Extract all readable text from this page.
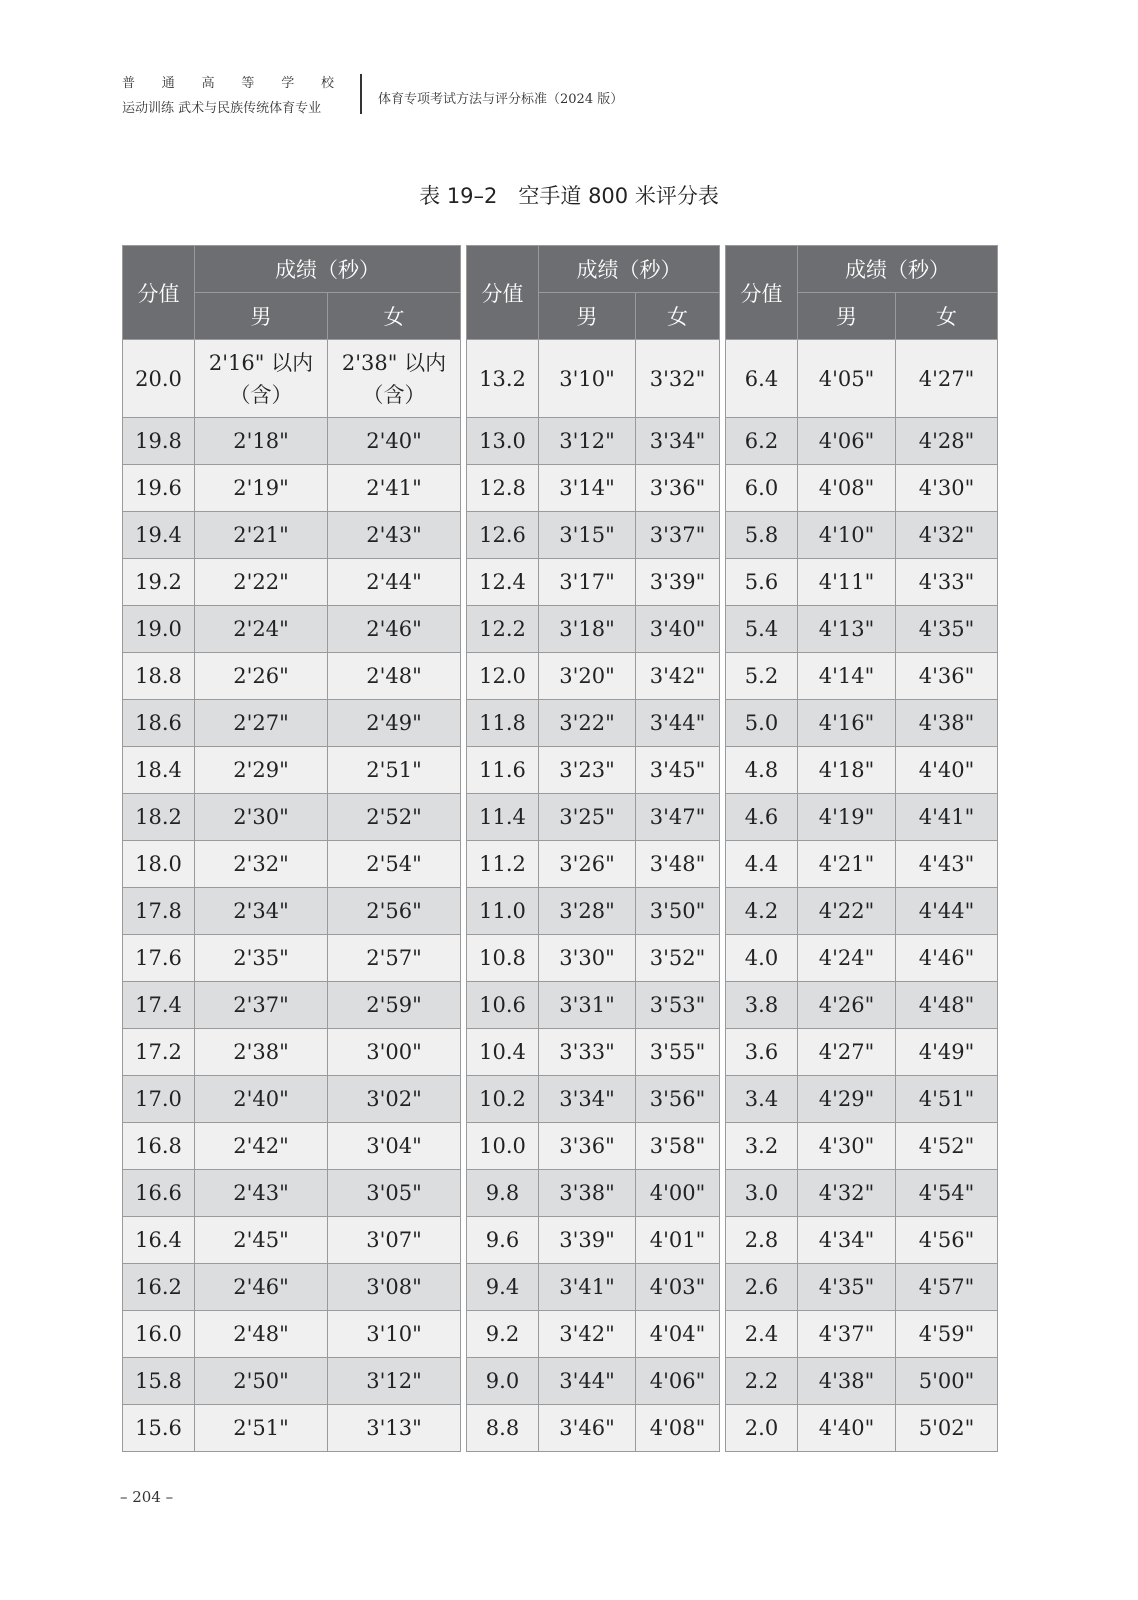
普 通 高 等 学 校
运动训练 武术与民族传统体育专业
体育专项考试方法与评分标准（2024 版）
表 19–2　空手道 800 米评分表
分值	成绩（秒）	
	男	女
20.0	2'16" 以内（含）	2'38" 以内（含）
19.8	2'18"	2'40"
19.6	2'19"	2'41"
19.4	2'21"	2'43"
19.2	2'22"	2'44"
19.0	2'24"	2'46"
18.8	2'26"	2'48"
18.6	2'27"	2'49"
18.4	2'29"	2'51"
18.2	2'30"	2'52"
18.0	2'32"	2'54"
17.8	2'34"	2'56"
17.6	2'35"	2'57"
17.4	2'37"	2'59"
17.2	2'38"	3'00"
17.0	2'40"	3'02"
16.8	2'42"	3'04"
16.6	2'43"	3'05"
16.4	2'45"	3'07"
16.2	2'46"	3'08"
16.0	2'48"	3'10"
15.8	2'50"	3'12"
15.6	2'51"	3'13"
分值	成绩（秒）	
	男	女
13.2	3'10"	3'32"
13.0	3'12"	3'34"
12.8	3'14"	3'36"
12.6	3'15"	3'37"
12.4	3'17"	3'39"
12.2	3'18"	3'40"
12.0	3'20"	3'42"
11.8	3'22"	3'44"
11.6	3'23"	3'45"
11.4	3'25"	3'47"
11.2	3'26"	3'48"
11.0	3'28"	3'50"
10.8	3'30"	3'52"
10.6	3'31"	3'53"
10.4	3'33"	3'55"
10.2	3'34"	3'56"
10.0	3'36"	3'58"
9.8	3'38"	4'00"
9.6	3'39"	4'01"
9.4	3'41"	4'03"
9.2	3'42"	4'04"
9.0	3'44"	4'06"
8.8	3'46"	4'08"
分值	成绩（秒）	
	男	女
6.4	4'05"	4'27"
6.2	4'06"	4'28"
6.0	4'08"	4'30"
5.8	4'10"	4'32"
5.6	4'11"	4'33"
5.4	4'13"	4'35"
5.2	4'14"	4'36"
5.0	4'16"	4'38"
4.8	4'18"	4'40"
4.6	4'19"	4'41"
4.4	4'21"	4'43"
4.2	4'22"	4'44"
4.0	4'24"	4'46"
3.8	4'26"	4'48"
3.6	4'27"	4'49"
3.4	4'29"	4'51"
3.2	4'30"	4'52"
3.0	4'32"	4'54"
2.8	4'34"	4'56"
2.6	4'35"	4'57"
2.4	4'37"	4'59"
2.2	4'38"	5'00"
2.0	4'40"	5'02"
– 204 –
